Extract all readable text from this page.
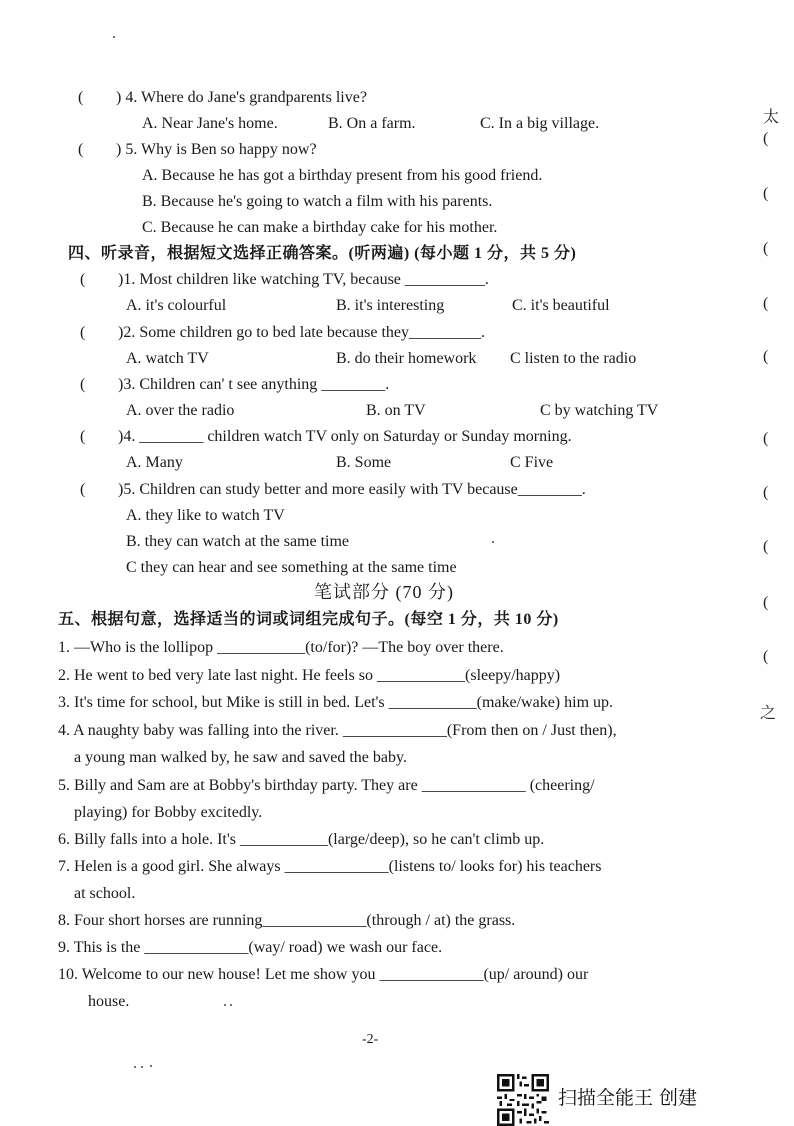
( ) 4. Where do Jane's grandparents live?
A. Near Jane's home.	B. On a farm.	C. In a big village.
( ) 5. Why is Ben so happy now?
A. Because he has got a birthday present from his good friend.
B. Because he's going to watch a film with his parents.
C. Because he can make a birthday cake for his mother.
四、听录音，根据短文选择正确答案。(听两遍) (每小题 1 分，共 5 分)
( )1. Most children like watching TV, because __________.
A. it's colourful	B. it's interesting	C. it's beautiful
( )2. Some children go to bed late because they_________.
A. watch TV	B. do their homework C listen to the radio
( )3. Children can' t see anything ________.
A. over the radio	B. on TV	C by watching TV
( )4. ________ children watch TV only on Saturday or Sunday morning.
A. Many	B. Some	C Five
( )5. Children can study better and more easily with TV because________.
A. they like to watch TV
B. they can watch at the same time
C they can hear and see something at the same time
笔试部分 (70 分)
五、根据句意，选择适当的词或词组完成句子。(每空 1 分，共 10 分)
1. —Who is the lollipop ___________(to/for)? —The boy over there.
2. He went to bed very late last night. He feels so ___________(sleepy/happy)
3. It's time for school, but Mike is still in bed. Let's ___________(make/wake) him up.
4. A naughty baby was falling into the river. _____________(From then on / Just then),
a young man walked by, he saw and saved the baby.
5. Billy and Sam are at Bobby's birthday party. They are _____________ (cheering/
playing) for Bobby excitedly.
6. Billy falls into a hole. It's ___________(large/deep), so he can't climb up.
7. Helen is a good girl. She always _____________(listens to/ looks for) his teachers
at school.
8. Four short horses are running_____________(through / at) the grass.
9. This is the _____________(way/ road) we wash our face.
10. Welcome to our new house! Let me show you _____________(up/ around) our
house.
-2-
太
(
(
(
(
(
(
(
(
(
(
之
扫描全能王 创建
